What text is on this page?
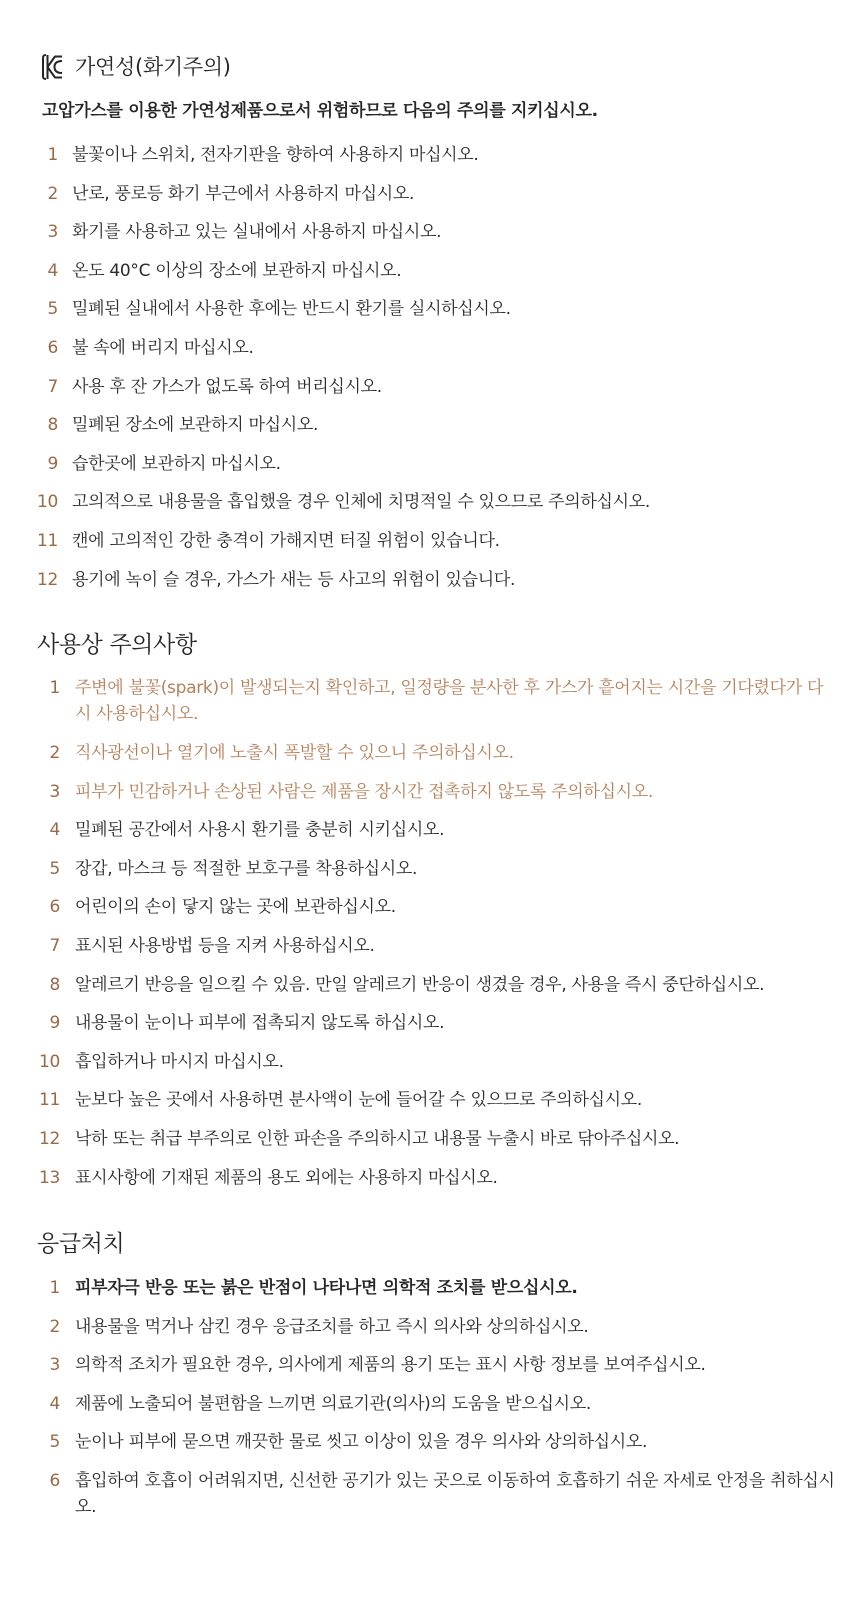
가연성(화기주의)
고압가스를 이용한 가연성제품으로서 위험하므로 다음의 주의를 지키십시오.
1 불꽃이나 스위치, 전자기판을 향하여 사용하지 마십시오.
2 난로, 풍로등 화기 부근에서 사용하지 마십시오.
3 화기를 사용하고 있는 실내에서 사용하지 마십시오.
4 온도 40°C 이상의 장소에 보관하지 마십시오.
5 밀폐된 실내에서 사용한 후에는 반드시 환기를 실시하십시오.
6 불 속에 버리지 마십시오.
7 사용 후 잔 가스가 없도록 하여 버리십시오.
8 밀폐된 장소에 보관하지 마십시오.
9 습한곳에 보관하지 마십시오.
10 고의적으로 내용물을 흡입했을 경우 인체에 치명적일 수 있으므로 주의하십시오.
11 캔에 고의적인 강한 충격이 가해지면 터질 위험이 있습니다.
12 용기에 녹이 슬 경우, 가스가 새는 등 사고의 위험이 있습니다.
사용상 주의사항
1 주변에 불꽃(spark)이 발생되는지 확인하고, 일정량을 분사한 후 가스가 흩어지는 시간을 기다렸다가 다시 사용하십시오.
2 직사광선이나 열기에 노출시 폭발할 수 있으니 주의하십시오.
3 피부가 민감하거나 손상된 사람은 제품을 장시간 접촉하지 않도록 주의하십시오.
4 밀폐된 공간에서 사용시 환기를 충분히 시키십시오.
5 장갑, 마스크 등 적절한 보호구를 착용하십시오.
6 어린이의 손이 닿지 않는 곳에 보관하십시오.
7 표시된 사용방법 등을 지켜 사용하십시오.
8 알레르기 반응을 일으킬 수 있음. 만일 알레르기 반응이 생겼을 경우, 사용을 즉시 중단하십시오.
9 내용물이 눈이나 피부에 접촉되지 않도록 하십시오.
10 흡입하거나 마시지 마십시오.
11 눈보다 높은 곳에서 사용하면 분사액이 눈에 들어갈 수 있으므로 주의하십시오.
12 낙하 또는 취급 부주의로 인한 파손을 주의하시고 내용물 누출시 바로 닦아주십시오.
13 표시사항에 기재된 제품의 용도 외에는 사용하지 마십시오.
응급처치
1 피부자극 반응 또는 붉은 반점이 나타나면 의학적 조치를 받으십시오.
2 내용물을 먹거나 삼킨 경우 응급조치를 하고 즉시 의사와 상의하십시오.
3 의학적 조치가 필요한 경우, 의사에게 제품의 용기 또는 표시 사항 정보를 보여주십시오.
4 제품에 노출되어 불편함을 느끼면 의료기관(의사)의 도움을 받으십시오.
5 눈이나 피부에 묻으면 깨끗한 물로 씻고 이상이 있을 경우 의사와 상의하십시오.
6 흡입하여 호흡이 어려워지면, 신선한 공기가 있는 곳으로 이동하여 호흡하기 쉬운 자세로 안정을 취하십시오.
